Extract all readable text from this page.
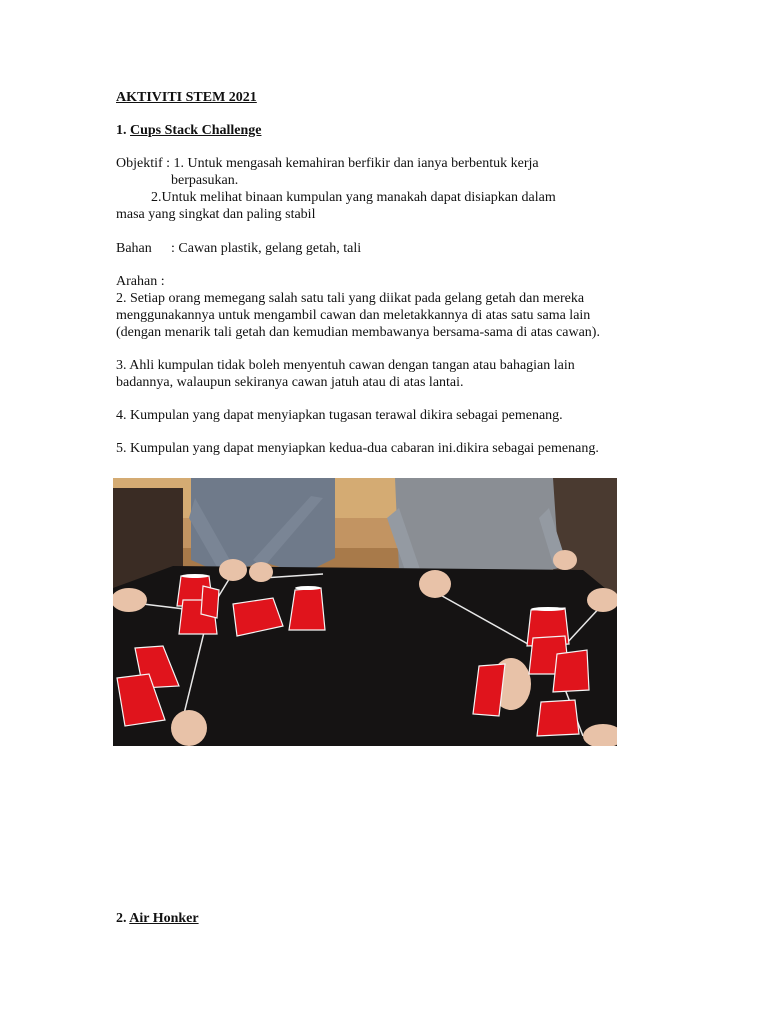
AKTIVITI STEM 2021
1. Cups Stack Challenge
Objektif : 1. Untuk mengasah kemahiran berfikir dan ianya berbentuk kerja
berpasukan.
2.Untuk melihat binaan kumpulan yang manakah dapat disiapkan dalam
masa yang singkat dan paling stabil
Bahan : Cawan plastik, gelang getah, tali
Arahan :
2. Setiap orang memegang salah satu tali yang diikat pada gelang getah dan mereka
menggunakannya untuk mengambil cawan dan meletakkannya di atas satu sama lain
(dengan menarik tali getah dan kemudian membawanya bersama-sama di atas cawan).
3. Ahli kumpulan tidak boleh menyentuh cawan dengan tangan atau bahagian lain
badannya, walaupun sekiranya cawan jatuh atau di atas lantai.
4. Kumpulan yang dapat menyiapkan tugasan terawal dikira sebagai pemenang.
5. Kumpulan yang dapat menyiapkan kedua-dua cabaran ini.dikira sebagai pemenang.
2. Air Honker
